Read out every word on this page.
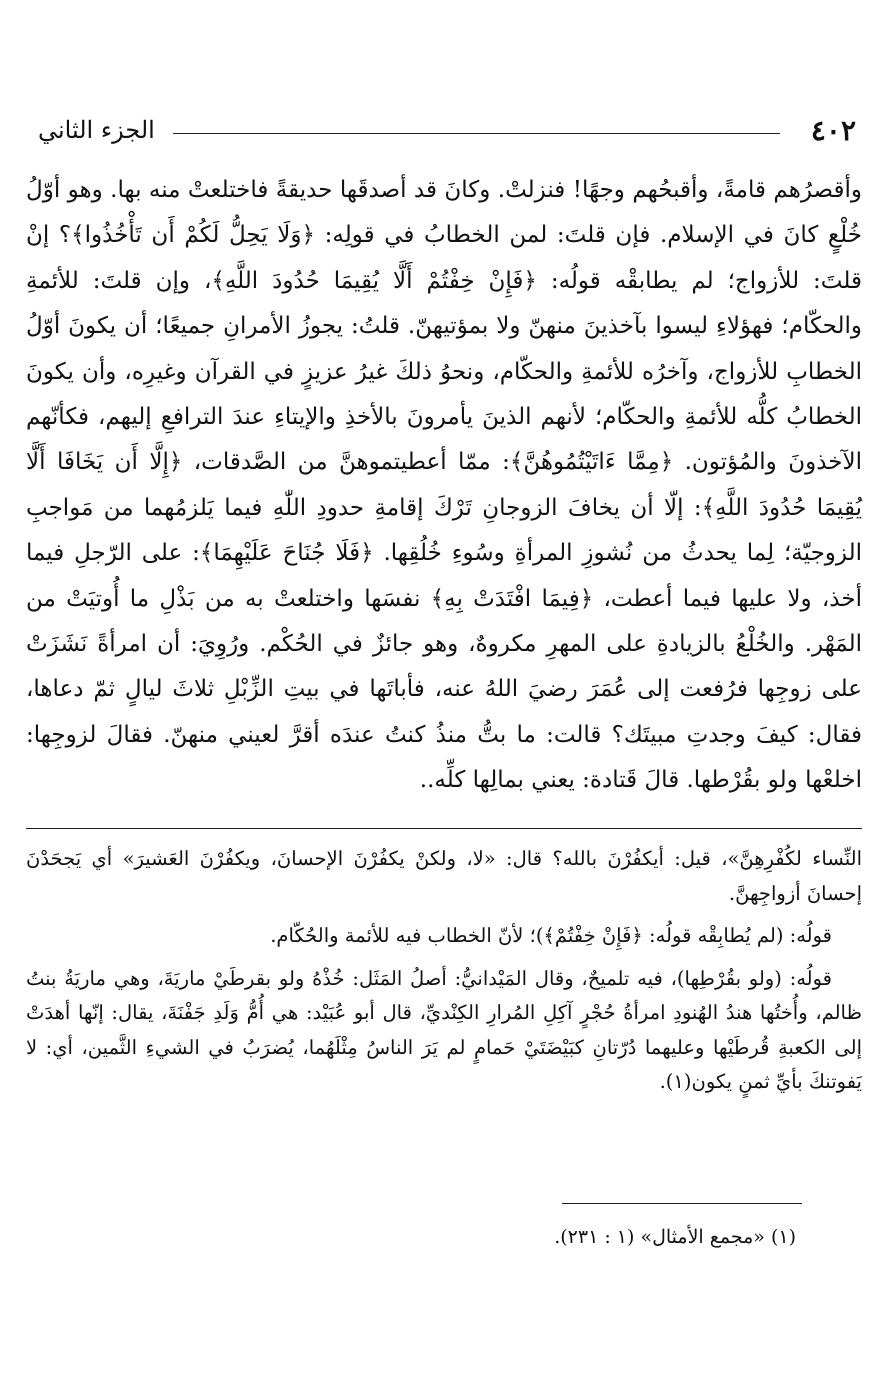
٤٠٢
الجزء الثاني

وأقصرُهم قامةً، وأقبحُهم وجهًا! فنزلتْ. وكانَ قد أصدقَها حديقةً فاختلعتْ منه بها. وهو أوّلُ خُلْعٍ كانَ في الإسلام. فإن قلتَ: لمن الخطابُ في قولِه: ﴿وَلَا يَحِلُّ لَكُمْ أَن تَأْخُذُوا﴾؟ إنْ قلتَ: للأزواج؛ لم يطابقْه قولُه: ﴿فَإِنْ خِفْتُمْ أَلَّا يُقِيمَا حُدُودَ اللَّهِ﴾، وإن قلتَ: للأئمةِ والحكّام؛ فهؤلاءِ ليسوا بآخذينَ منهنّ ولا بمؤتيهنّ. قلتُ: يجوزُ الأمرانِ جميعًا؛ أن يكونَ أوّلُ الخطابِ للأزواج، وآخرُه للأئمةِ والحكّام، ونحوُ ذلكَ غيرُ عزيزٍ في القرآن وغيرِه، وأن يكونَ الخطابُ كلُّه للأئمةِ والحكّام؛ لأنهم الذينَ يأمرونَ بالأخذِ والإيتاءِ عندَ الترافعِ إليهم، فكأنّهم الآخذونَ والمُؤتون. ﴿مِمَّا ءَاتَيْتُمُوهُنَّ﴾: ممّا أعطيتموهنَّ من الصَّدقات، ﴿إِلَّا أَن يَخَافَا أَلَّا يُقِيمَا حُدُودَ اللَّهِ﴾: إلّا أن يخافَ الزوجانِ تَرْكَ إقامةِ حدودِ اللّٰهِ فيما يَلزمُهما من مَواجبِ الزوجيّة؛ لِما يحدثُ من نُشوزِ المرأةِ وسُوءِ خُلُقِها. ﴿فَلَا جُنَاحَ عَلَيْهِمَا﴾: على الرّجلِ فيما أخذ، ولا عليها فيما أعطت، ﴿فِيمَا افْتَدَتْ بِهِ﴾ نفسَها واختلعتْ به من بَذْلِ ما أُوتيَتْ من المَهْر. والخُلْعُ بالزيادةِ على المهرِ مكروهٌ، وهو جائزٌ في الحُكْم. ورُوِيَ: أن امرأةً نَشَزَتْ على زوجِها فرُفعت إلى عُمَرَ رضيَ اللهُ عنه، فأباتَها في بيتِ الزِّبْلِ ثلاثَ ليالٍ ثمّ دعاها، فقال: كيفَ وجدتِ مبيتَك؟ قالت: ما بتُّ منذُ كنتُ عندَه أقرَّ لعيني منهنّ. فقالَ لزوجِها: اخلعْها ولو بقُرْطها. قالَ قَتادة: يعني بمالِها كلِّه..

النِّساء لكُفْرِهِنَّ»، قيل: أيكفُرْنَ بالله؟ قال: «لا، ولكنْ يكفُرْنَ الإحسانَ، ويكفُرْنَ العَشيرَ» أي يَجحَدْنَ إحسانَ أزواجِهنَّ.

قولُه: (لم يُطابِقْه قولُه: ﴿فَإِنْ خِفْتُمْ﴾)؛ لأنّ الخطاب فيه للأئمة والحُكّام.

قولُه: (ولو بقُرْطِها)، فيه تلميحٌ، وقال المَيْدانيُّ: أصلُ المَثَل: خُذْهُ ولو بقرطَيْ ماريَةَ، وهي ماريَةُ بنتُ ظالم، وأُختُها هندُ الهُنودِ امرأةُ حُجْرٍ آكِلِ المُرارِ الكِنْديِّ، قال أبو عُبَيْد: هي أُمُّ وَلَدِ جَفْنَةَ، يقال: إنّها أهدَتْ إلى الكعبةِ قُرطَيْها وعليهما دُرّتانِ كبَيْضَتَيْ حَمامٍ لم يَرَ الناسُ مِثْلَهُما، يُضرَبُ في الشيءِ الثَّمين، أي: لا يَفوتنكَ بأيِّ ثمنٍ يكون(١).

(١) «مجمع الأمثال» (١ : ٢٣١).
